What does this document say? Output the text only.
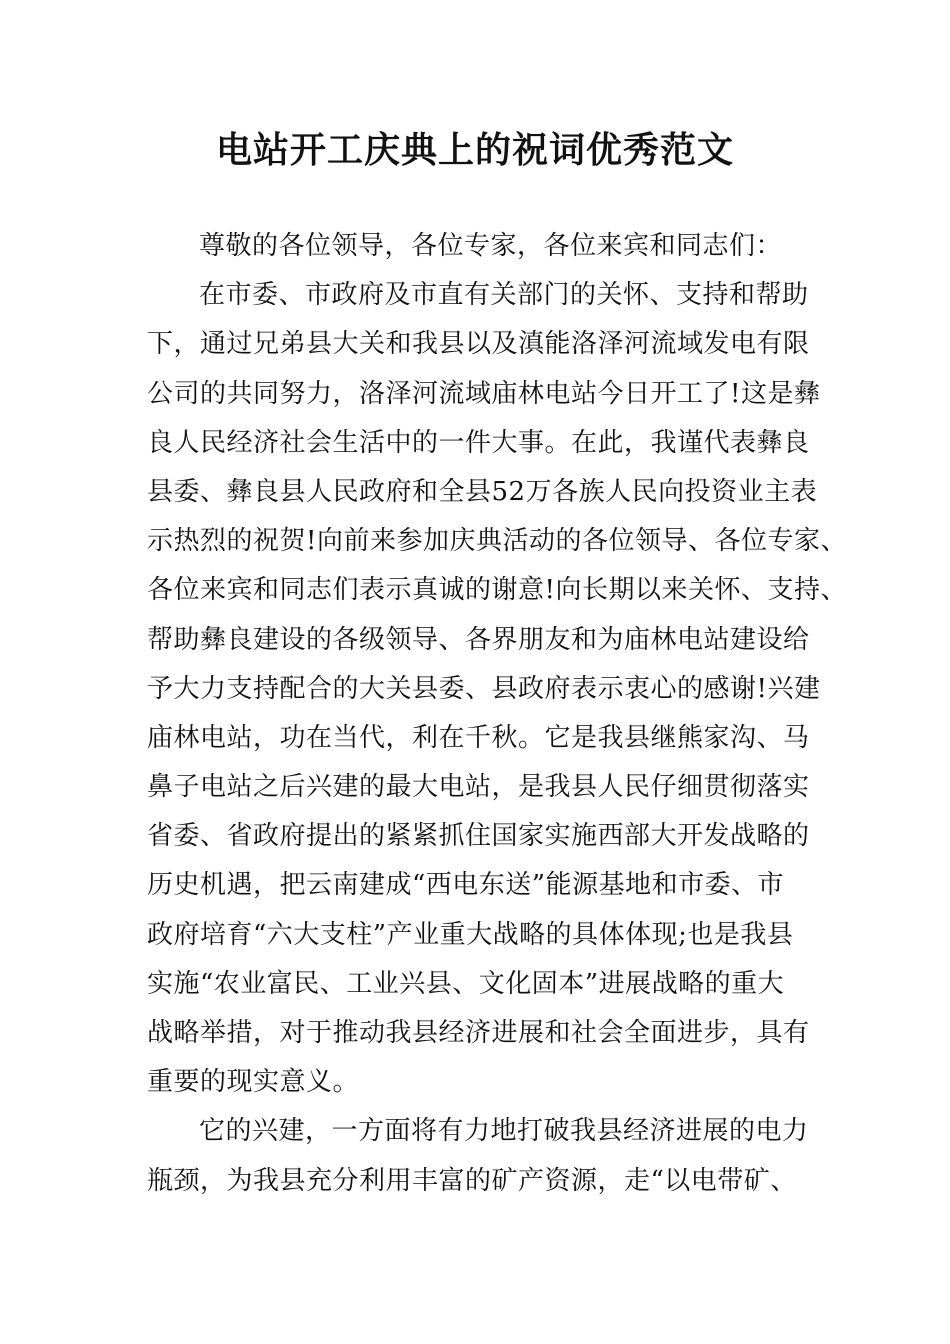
电站开工庆典上的祝词优秀范文
尊敬的各位领导，各位专家，各位来宾和同志们：
在市委、市政府及市直有关部门的关怀、支持和帮助
下，通过兄弟县大关和我县以及滇能洛泽河流域发电有限
公司的共同努力，洛泽河流域庙林电站今日开工了!这是彝
良人民经济社会生活中的一件大事。在此，我谨代表彝良
县委、彝良县人民政府和全县52万各族人民向投资业主表
示热烈的祝贺!向前来参加庆典活动的各位领导、各位专家、
各位来宾和同志们表示真诚的谢意!向长期以来关怀、支持、
帮助彝良建设的各级领导、各界朋友和为庙林电站建设给
予大力支持配合的大关县委、县政府表示衷心的感谢!兴建
庙林电站，功在当代，利在千秋。它是我县继熊家沟、马
鼻子电站之后兴建的最大电站，是我县人民仔细贯彻落实
省委、省政府提出的紧紧抓住国家实施西部大开发战略的
历史机遇，把云南建成“西电东送”能源基地和市委、市
政府培育“六大支柱”产业重大战略的具体体现;也是我县
实施“农业富民、工业兴县、文化固本”进展战略的重大
战略举措，对于推动我县经济进展和社会全面进步，具有
重要的现实意义。
它的兴建，一方面将有力地打破我县经济进展的电力
瓶颈，为我县充分利用丰富的矿产资源，走“以电带矿、
